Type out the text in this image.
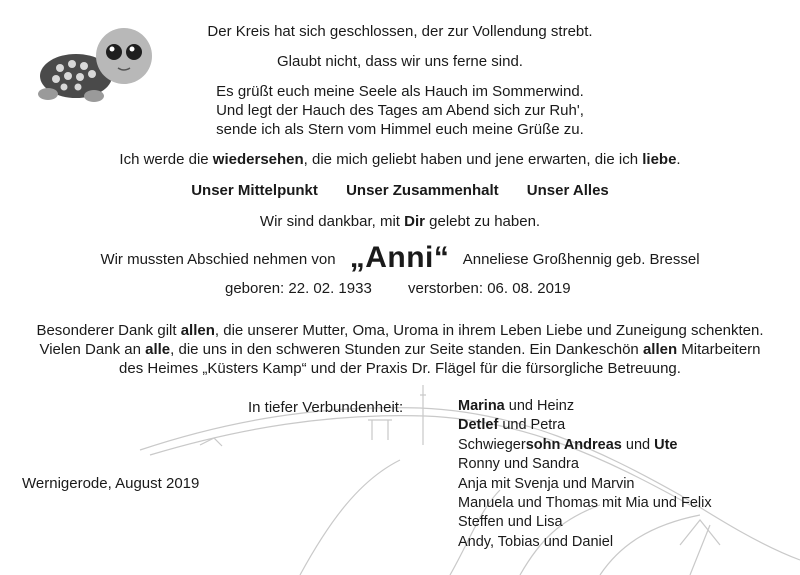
Der Kreis hat sich geschlossen, der zur Vollendung strebt.
Glaubt nicht, dass wir uns ferne sind.
Es grüßt euch meine Seele als Hauch im Sommerwind.
Und legt der Hauch des Tages am Abend sich zur Ruh',
sende ich als Stern vom Himmel euch meine Grüße zu.
Ich werde die wiedersehen, die mich geliebt haben und jene erwarten, die ich liebe.
Unser Mittelpunkt Unser Zusammenhalt Unser Alles
Wir sind dankbar, mit Dir gelebt zu haben.
Wir mussten Abschied nehmen von „Anni“ Anneliese Großhennig geb. Bressel
geboren: 22. 02. 1933 verstorben: 06. 08. 2019
Besonderer Dank gilt allen, die unserer Mutter, Oma, Uroma in ihrem Leben Liebe und Zuneigung schenkten.
Vielen Dank an alle, die uns in den schweren Stunden zur Seite standen. Ein Dankeschön allen Mitarbeitern
des Heimes „Küsters Kamp“ und der Praxis Dr. Flägel für die fürsorgliche Betreuung.
In tiefer Verbundenheit:
Wernigerode, August 2019
Marina und Heinz
Detlef und Petra
Schwiegersohn Andreas und Ute
Ronny und Sandra
Anja mit Svenja und Marvin
Manuela und Thomas mit Mia und Felix
Steffen und Lisa
Andy, Tobias und Daniel
